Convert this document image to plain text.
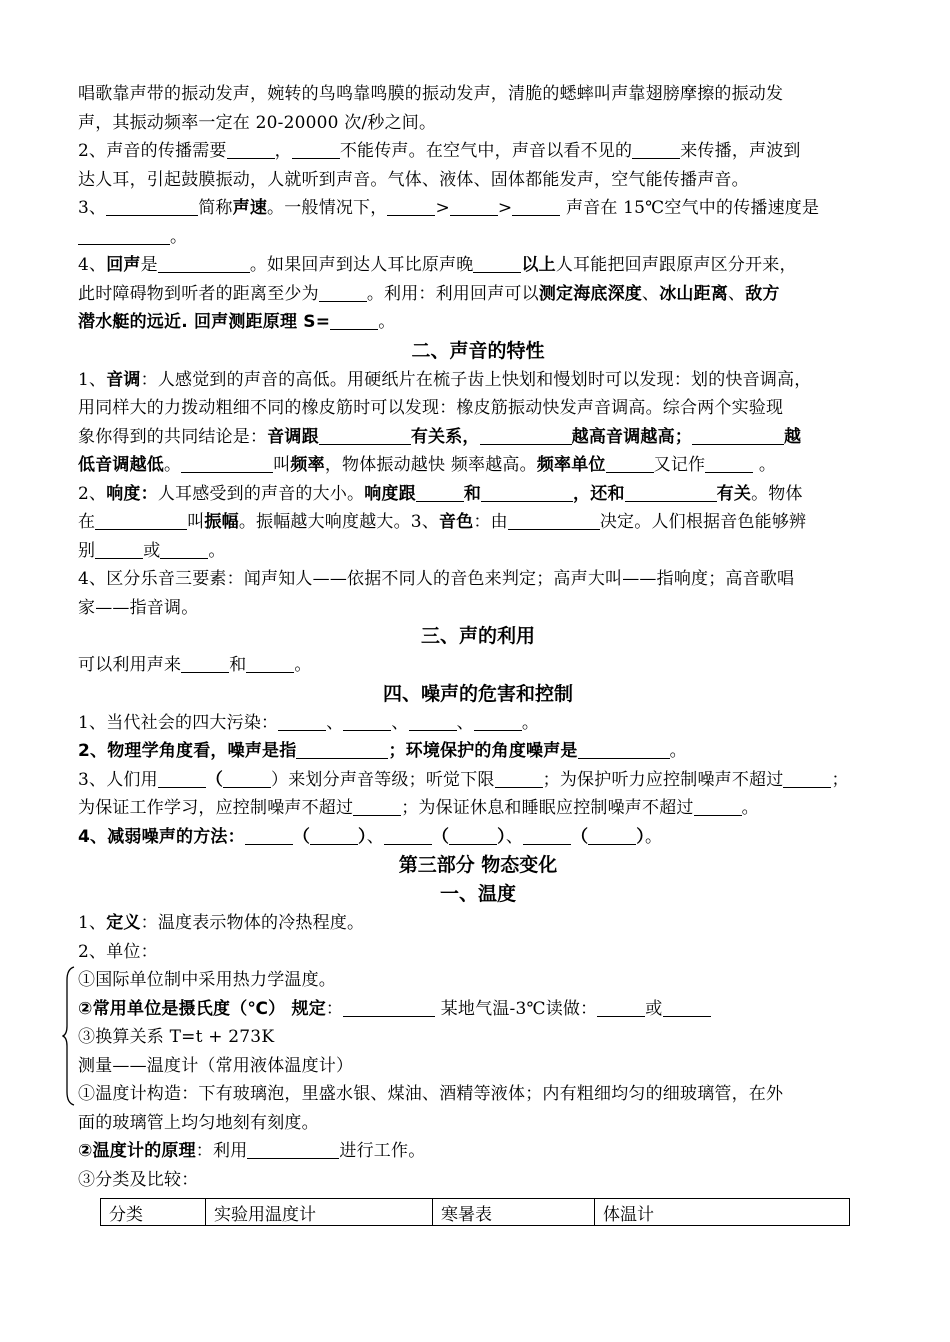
唱歌靠声带的振动发声，婉转的鸟鸣靠鸣膜的振动发声，清脆的蟋蟀叫声靠翅膀摩擦的振动发

声，其振动频率一定在 20-20000 次/秒之间。

2、声音的传播需要	，	不能传声。在空气中，声音以看不见的	来传播，声波到

达人耳，引起鼓膜振动，人就听到声音。气体、液体、固体都能发声，空气能传播声音。

3、	简称声速。一般情况下，	>	>	声音在 15℃空气中的传播速度是

。

4、回声是	。如果回声到达人耳比原声晚	以上人耳能把回声跟原声区分开来，

此时障碍物到听者的距离至少为	。利用：利用回声可以测定海底深度、冰山距离、敌方

潜水艇的远近. 回声测距原理 S=	。

二、声音的特性

1、音调：人感觉到的声音的高低。用硬纸片在梳子齿上快划和慢划时可以发现：划的快音调高，

用同样大的力拨动粗细不同的橡皮筋时可以发现：橡皮筋振动快发声音调高。综合两个实验现

象你得到的共同结论是：音调跟	有关系，	越高音调越高；	越

低音调越低。	叫频率，物体振动越快 频率越高。频率单位	又记作	。

2、响度：人耳感受到的声音的大小。响度跟	和	，还和	有关。物体

在	叫振幅。振幅越大响度越大。3、音色：由	决定。人们根据音色能够辨

别	或	。

4、区分乐音三要素：闻声知人——依据不同人的音色来判定；高声大叫——指响度；高音歌唱

家——指音调。

三、声的利用

可以利用声来	和	。

四、噪声的危害和控制

1、当代社会的四大污染：	、	、	、	。

2、物理学角度看，噪声是指	；环境保护的角度噪声是	。

3、人们用	（	）来划分声音等级；听觉下限	；为保护听力应控制噪声不超过	；

为保证工作学习，应控制噪声不超过	；为保证休息和睡眠应控制噪声不超过	。

4、减弱噪声的方法：	（	）、	（	）、	（	）。

第三部分 物态变化
一、温度

1、定义：温度表示物体的冷热程度。

2、单位：

①国际单位制中采用热力学温度。

②常用单位是摄氏度（℃） 规定：	某地气温-3℃读做：	或

③换算关系 T=t + 273K

测量——温度计（常用液体温度计）

①温度计构造：下有玻璃泡，里盛水银、煤油、酒精等液体；内有粗细均匀的细玻璃管，在外

面的玻璃管上均匀地刻有刻度。

②温度计的原理：利用	进行工作。

③分类及比较：

分类	实验用温度计	寒暑表	体温计
